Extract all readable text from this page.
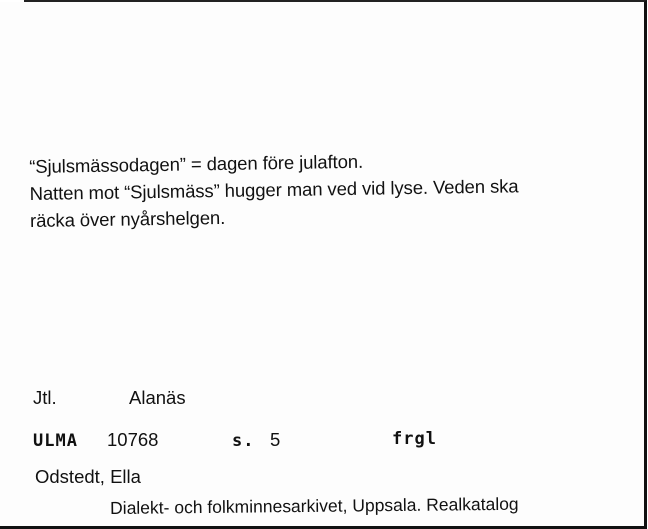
“Sjulsmässodagen” = dagen före julafton.
Natten mot “Sjulsmäss” hugger man ved vid lyse. Veden ska
räcka över nyårshelgen.
Jtl.	Alanäs
ULMA 10768	s. 5	frgl
Odstedt, Ella
Dialekt- och folkminnesarkivet, Uppsala. Realkatalog
